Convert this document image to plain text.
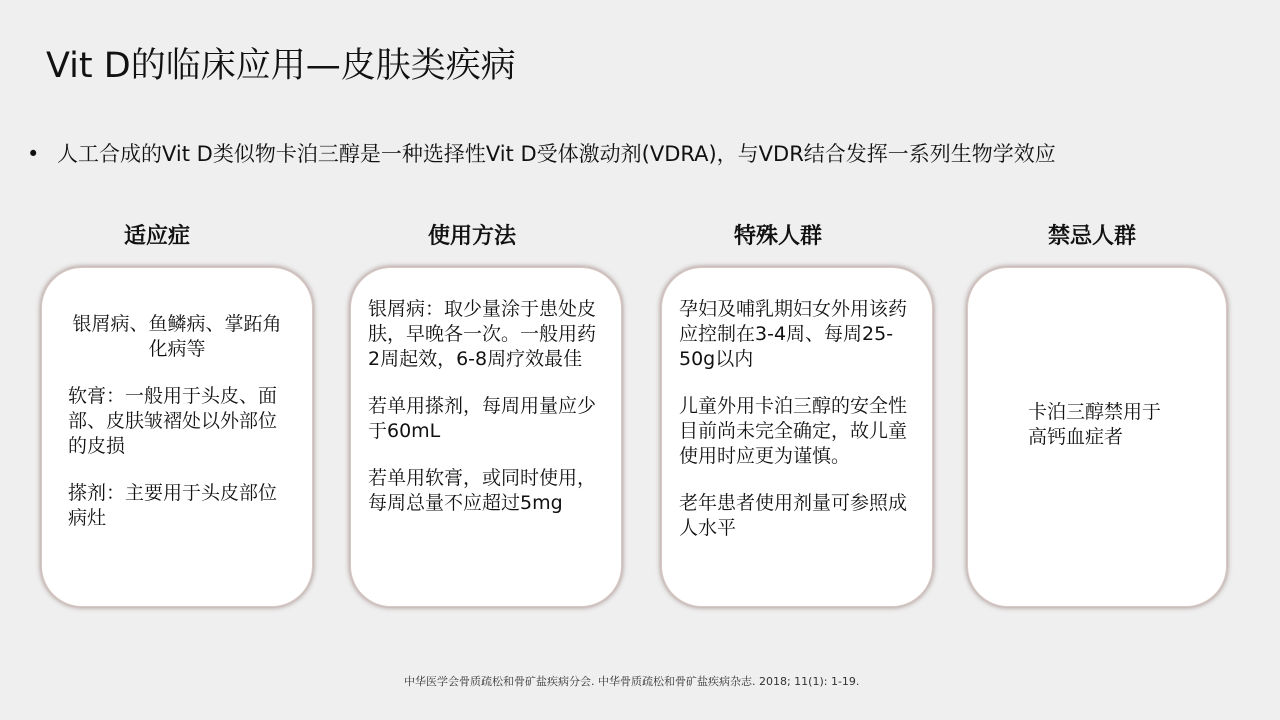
Vit D的临床应用—皮肤类疾病
• 人工合成的Vit D类似物卡泊三醇是一种选择性Vit D受体激动剂(VDRA)，与VDR结合发挥一系列生物学效应
适应症

银屑病、鱼鳞病、掌跖角化病等

软膏：一般用于头皮、面部、皮肤皱褶处以外部位的皮损

搽剂：主要用于头皮部位病灶

使用方法

银屑病：取少量涂于患处皮肤，早晚各一次。一般用药2周起效，6-8周疗效最佳

若单用搽剂，每周用量应少于60mL

若单用软膏，或同时使用，每周总量不应超过5mg

特殊人群

孕妇及哺乳期妇女外用该药应控制在3-4周、每周25-50g以内

儿童外用卡泊三醇的安全性目前尚未完全确定，故儿童使用时应更为谨慎。

老年患者使用剂量可参照成人水平

禁忌人群

卡泊三醇禁用于高钙血症者

中华医学会骨质疏松和骨矿盐疾病分会. 中华骨质疏松和骨矿盐疾病杂志. 2018; 11(1): 1-19.
